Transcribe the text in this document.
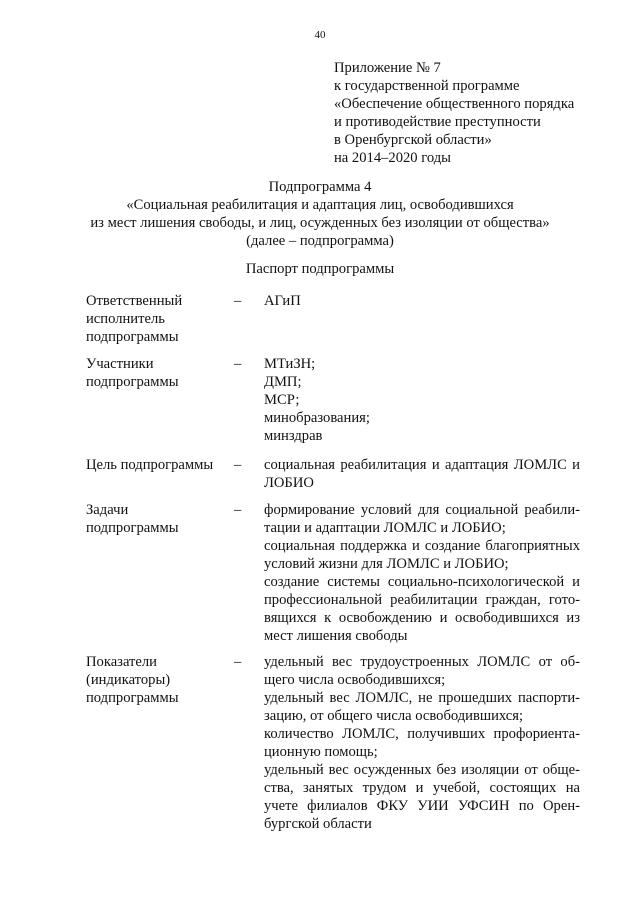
40
Приложение № 7
к государственной программе
«Обеспечение общественного порядка
и противодействие преступности
в Оренбургской области»
на 2014–2020 годы
Подпрограмма 4
«Социальная реабилитация и адаптация лиц, освободившихся
из мест лишения свободы, и лиц, осужденных без изоляции от общества»
(далее – подпрограмма)
Паспорт подпрограммы
Ответственный
исполнитель
подпрограммы
– АГиП
Участники
подпрограммы
– МТиЗН;
ДМП;
МСР;
минобразования;
минздрав
Цель подпрограммы	– социальная реабилитация и адаптация ЛОМЛС и
ЛОБИО
Задачи
подпрограммы
– формирование условий для социальной реабили-
тации и адаптации ЛОМЛС и ЛОБИО;
социальная поддержка и создание благоприятных
условий жизни для ЛОМЛС и ЛОБИО;
создание системы социально-психологической и
профессиональной реабилитации граждан, гото-
вящихся к освобождению и освободившихся из
мест лишения свободы
Показатели
(индикаторы)
подпрограммы
– удельный вес трудоустроенных ЛОМЛС от об-
щего числа освободившихся;
удельный вес ЛОМЛС, не прошедших паспорти-
зацию, от общего числа освободившихся;
количество ЛОМЛС, получивших профориента-
ционную помощь;
удельный вес осужденных без изоляции от обще-
ства, занятых трудом и учебой, состоящих на
учете филиалов ФКУ УИИ УФСИН по Орен-
бургской области
